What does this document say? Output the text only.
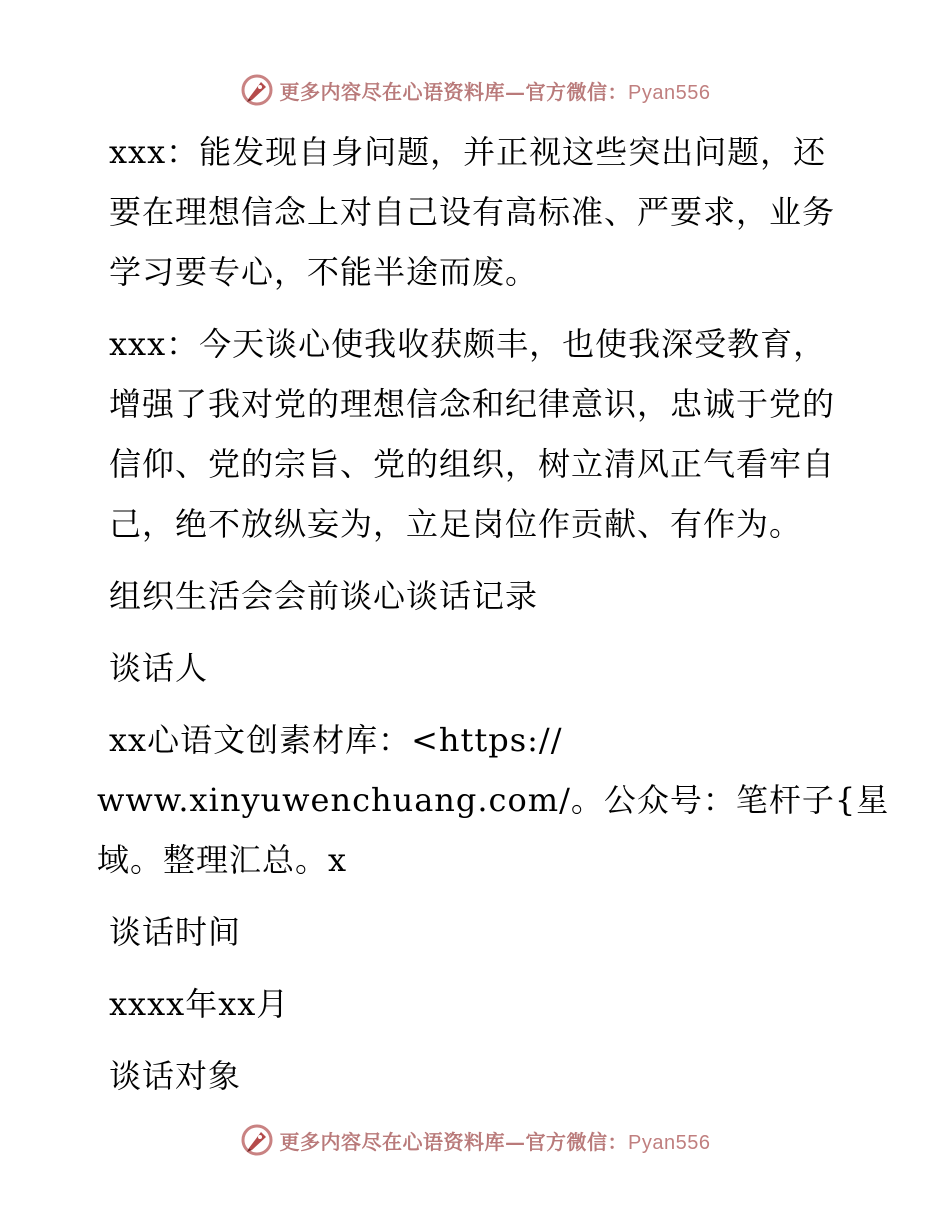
更多内容尽在心语资料库—官方微信：Pyan556

xxx：能发现自身问题，并正视这些突出问题，还
要在理想信念上对自己设有高标准、严要求，业务
学习要专心，不能半途而废。

xxx：今天谈心使我收获颇丰，也使我深受教育，
增强了我对党的理想信念和纪律意识，忠诚于党的
信仰、党的宗旨、党的组织，树立清风正气看牢自
己，绝不放纵妄为，立足岗位作贡献、有作为。

组织生活会会前谈心谈话记录

谈话人

xx心语文创素材库：<https://
www.xinyuwenchuang.com/。公众号：笔杆子{星
域。整理汇总。x

谈话时间

xxxx年xx月

谈话对象

更多内容尽在心语资料库—官方微信：Pyan556
